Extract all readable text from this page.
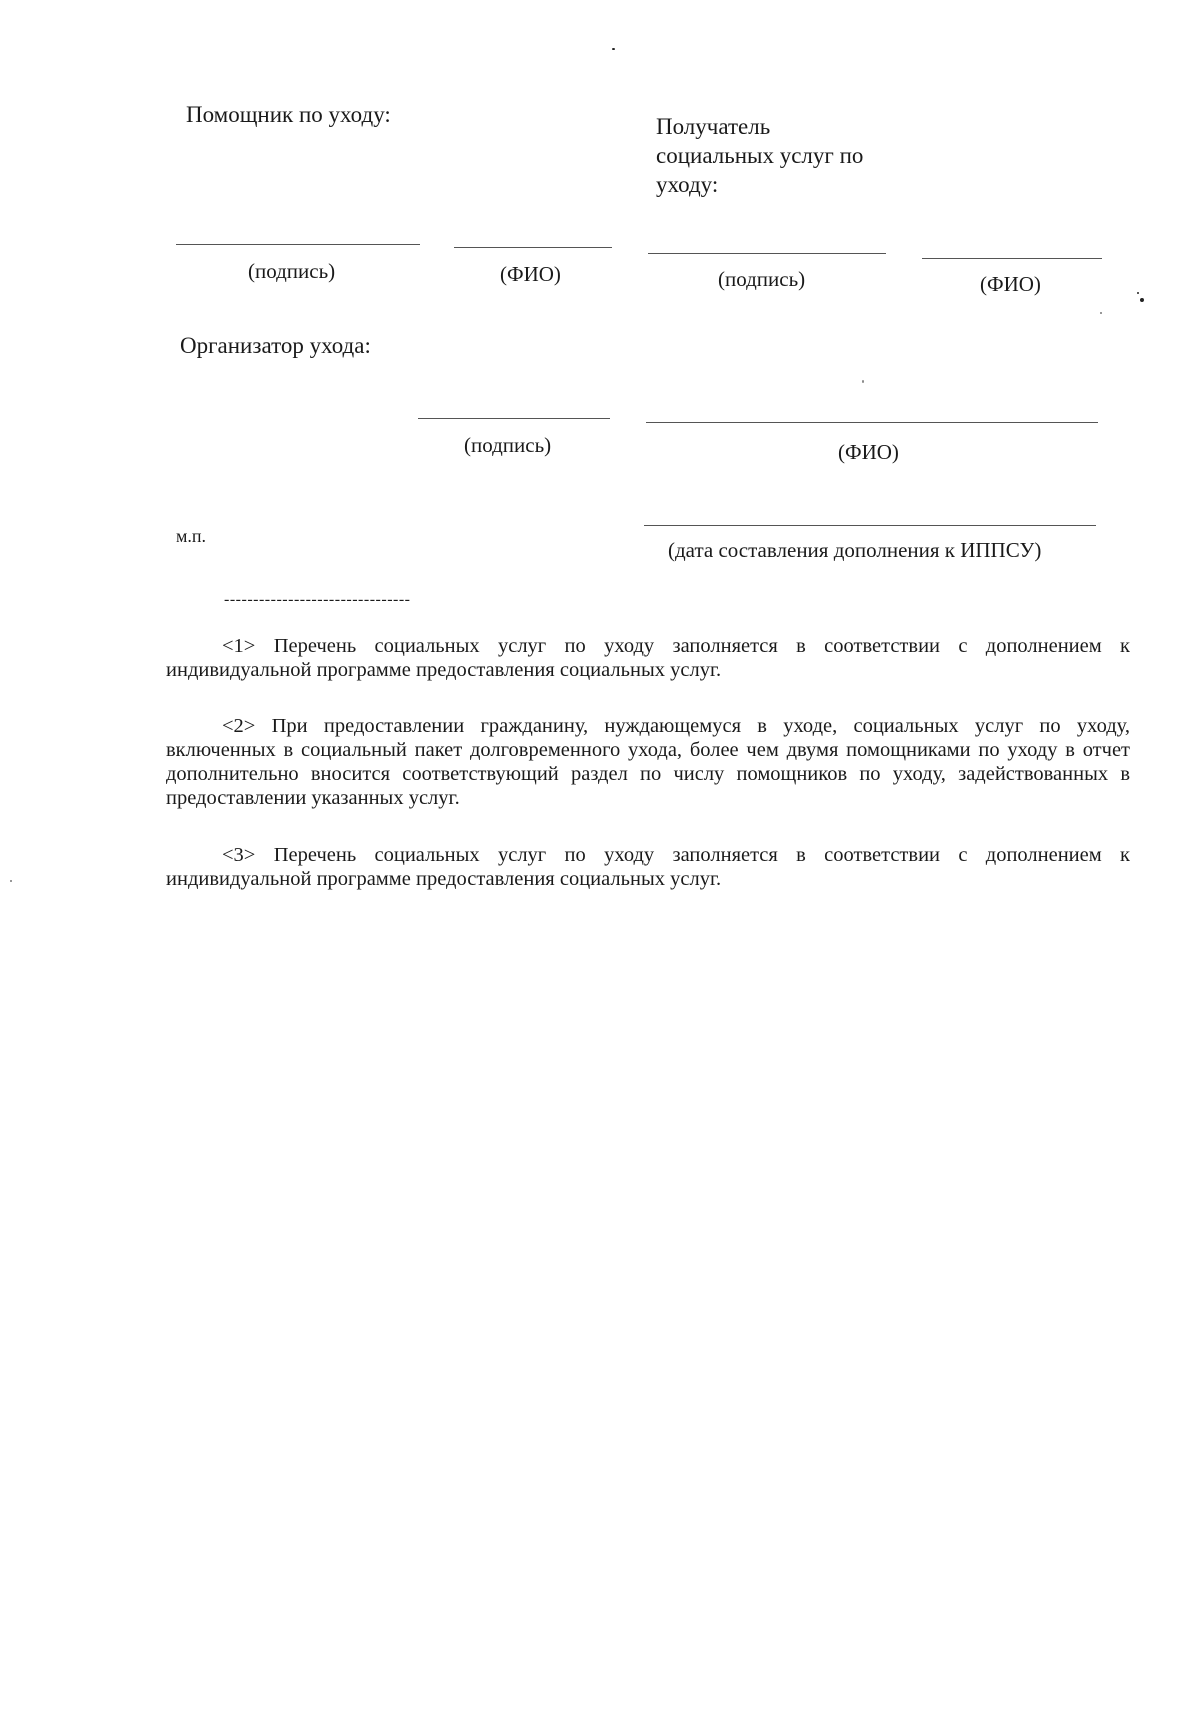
Помощник по уходу:	Получатель
социальных услуг по
уходу:
(подпись)	(ФИО)	(подпись)	(ФИО)
Организатор ухода:
(подпись)	(ФИО)
м.п.
(дата составления дополнения к ИППСУ)
--------------------------------
<1> Перечень социальных услуг по уходу заполняется в соответствии с дополнением к индивидуальной программе предоставления социальных услуг.
<2> При предоставлении гражданину, нуждающемуся в уходе, социальных услуг по уходу, включенных в социальный пакет долговременного ухода, более чем двумя помощниками по уходу в отчет дополнительно вносится соответствующий раздел по числу помощников по уходу, задействованных в предоставлении указанных услуг.
<3> Перечень социальных услуг по уходу заполняется в соответствии с дополнением к индивидуальной программе предоставления социальных услуг.
